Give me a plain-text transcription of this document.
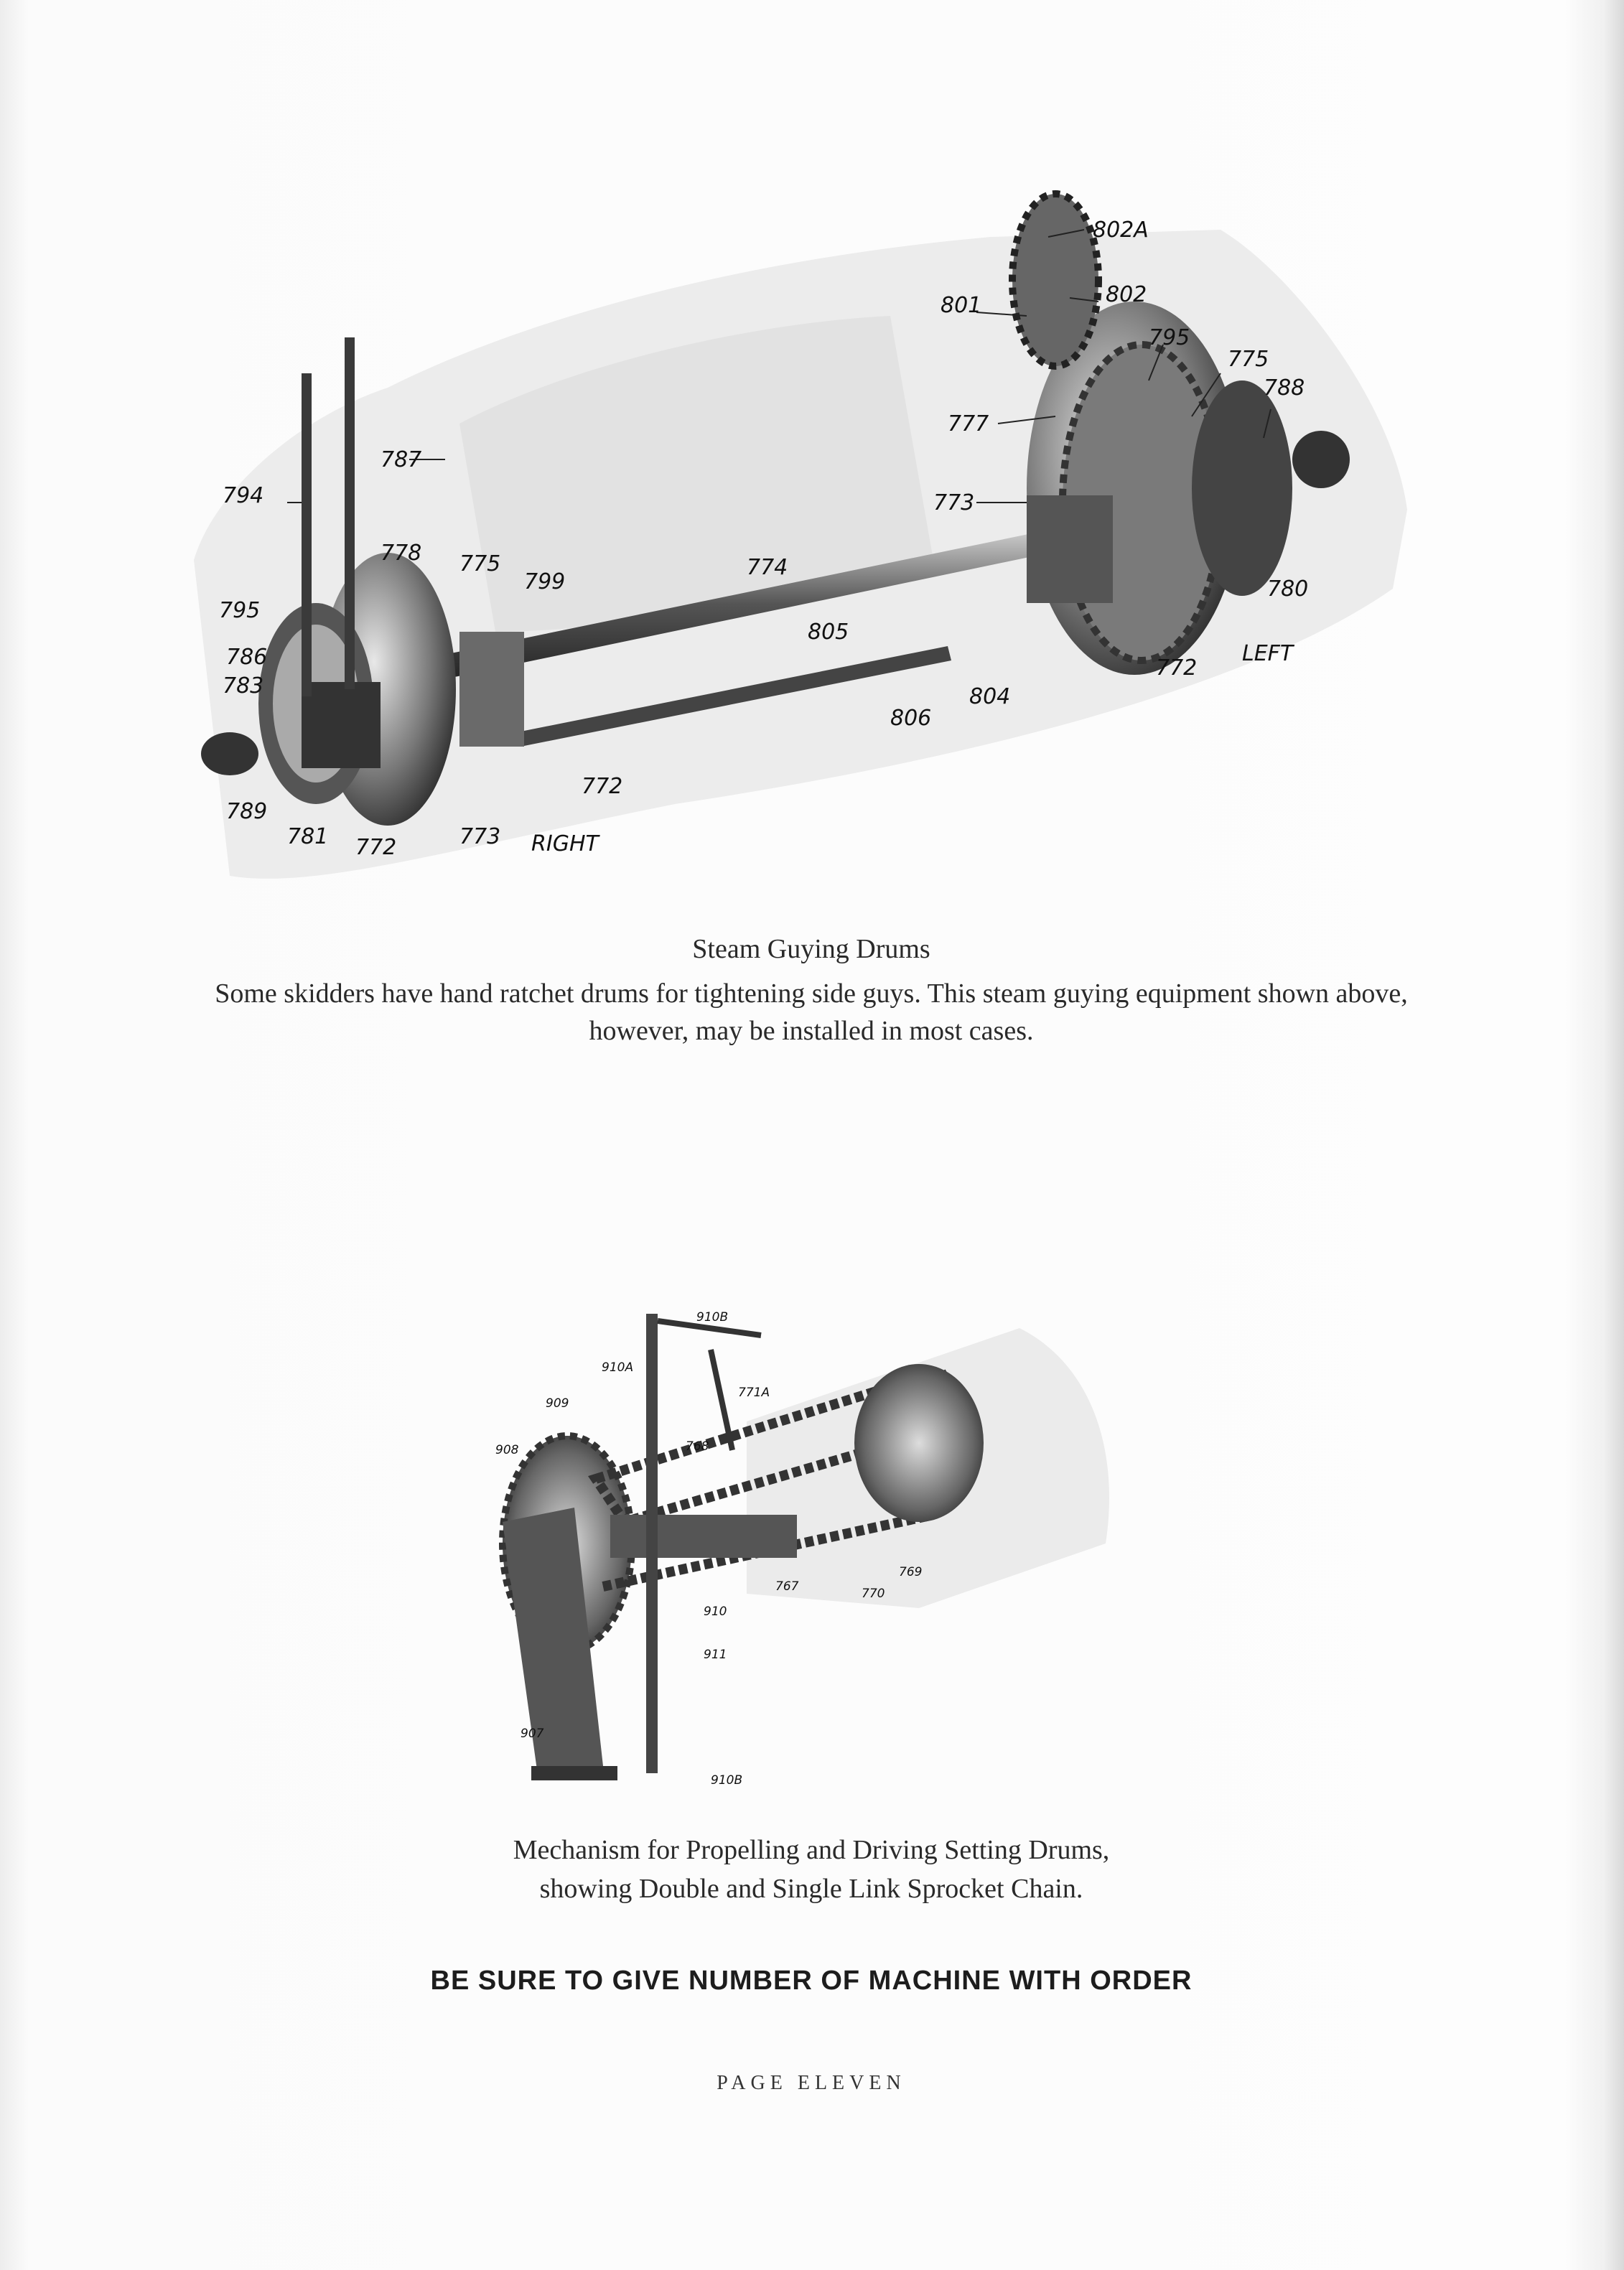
802A
802
801
795
775
788
777
773
780
LEFT
772
804
806
805
774
787
794
778 775
799
795
786
783
772
789
781 772	773 RIGHT
Steam Guying Drums
Some skidders have hand ratchet drums for tightening side guys. This steam guying equipment shown above, however, may be installed in most cases.
910B
910A
771A
909
908	768
767
910
770
769
911
907
910B
Mechanism for Propelling and Driving Setting Drums,
showing Double and Single Link Sprocket Chain.
BE SURE TO GIVE NUMBER OF MACHINE WITH ORDER
PAGE ELEVEN
